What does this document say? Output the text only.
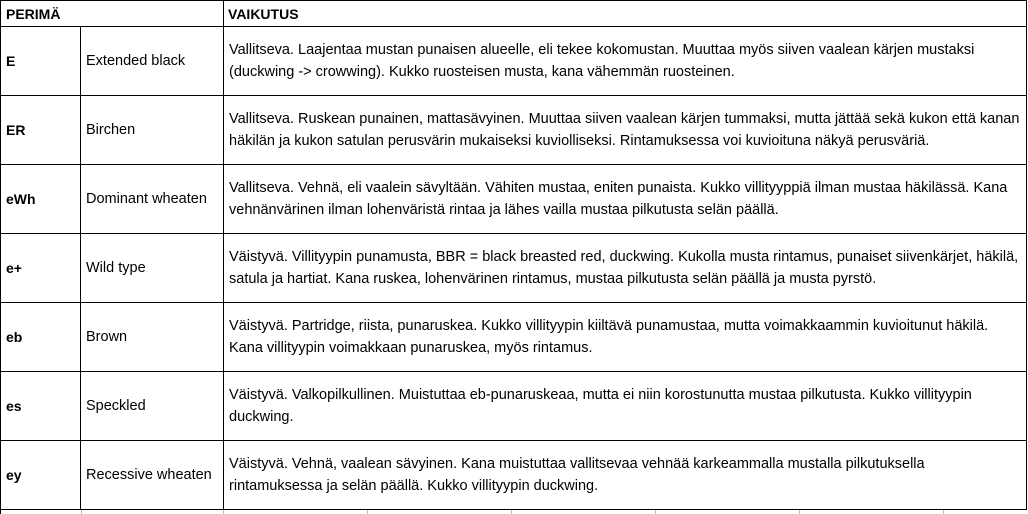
PERIMÄ		VAIKUTUS
E	Extended black	Vallitseva. Laajentaa mustan punaisen alueelle, eli tekee kokomustan. Muuttaa myös siiven vaalean kärjen mustaksi (duckwing -> crowwing). Kukko ruosteisen musta, kana vähemmän ruosteinen.
ER	Birchen	Vallitseva. Ruskean punainen, mattasävyinen. Muuttaa siiven vaalean kärjen tummaksi, mutta jättää sekä kukon että kanan häkilän ja kukon satulan perusvärin mukaiseksi kuviolliseksi. Rintamuksessa voi kuvioituna näkyä perusväriä.
eWh	Dominant wheaten	Vallitseva. Vehnä, eli vaalein sävyltään. Vähiten mustaa, eniten punaista. Kukko villityyppiä ilman mustaa häkilässä. Kana vehnänvärinen ilman lohenväristä rintaa ja lähes vailla mustaa pilkutusta selän päällä.
e+	Wild type	Väistyvä. Villityypin punamusta, BBR = black breasted red, duckwing. Kukolla musta rintamus, punaiset siivenkärjet, häkilä, satula ja hartiat. Kana ruskea, lohenvärinen rintamus, mustaa pilkutusta selän päällä ja musta pyrstö.
eb	Brown	Väistyvä. Partridge, riista, punaruskea. Kukko villityypin kiiltävä punamustaa, mutta voimakkaammin kuvioitunut häkilä. Kana villityypin voimakkaan punaruskea, myös rintamus.
es	Speckled	Väistyvä. Valkopilkullinen. Muistuttaa eb-punaruskeaa, mutta ei niin korostunutta mustaa pilkutusta. Kukko villityypin duckwing.
ey	Recessive wheaten	Väistyvä. Vehnä, vaalean sävyinen. Kana muistuttaa vallitsevaa vehnää karkeammalla mustalla pilkutuksella rintamuksessa ja selän päällä. Kukko villityypin duckwing.
